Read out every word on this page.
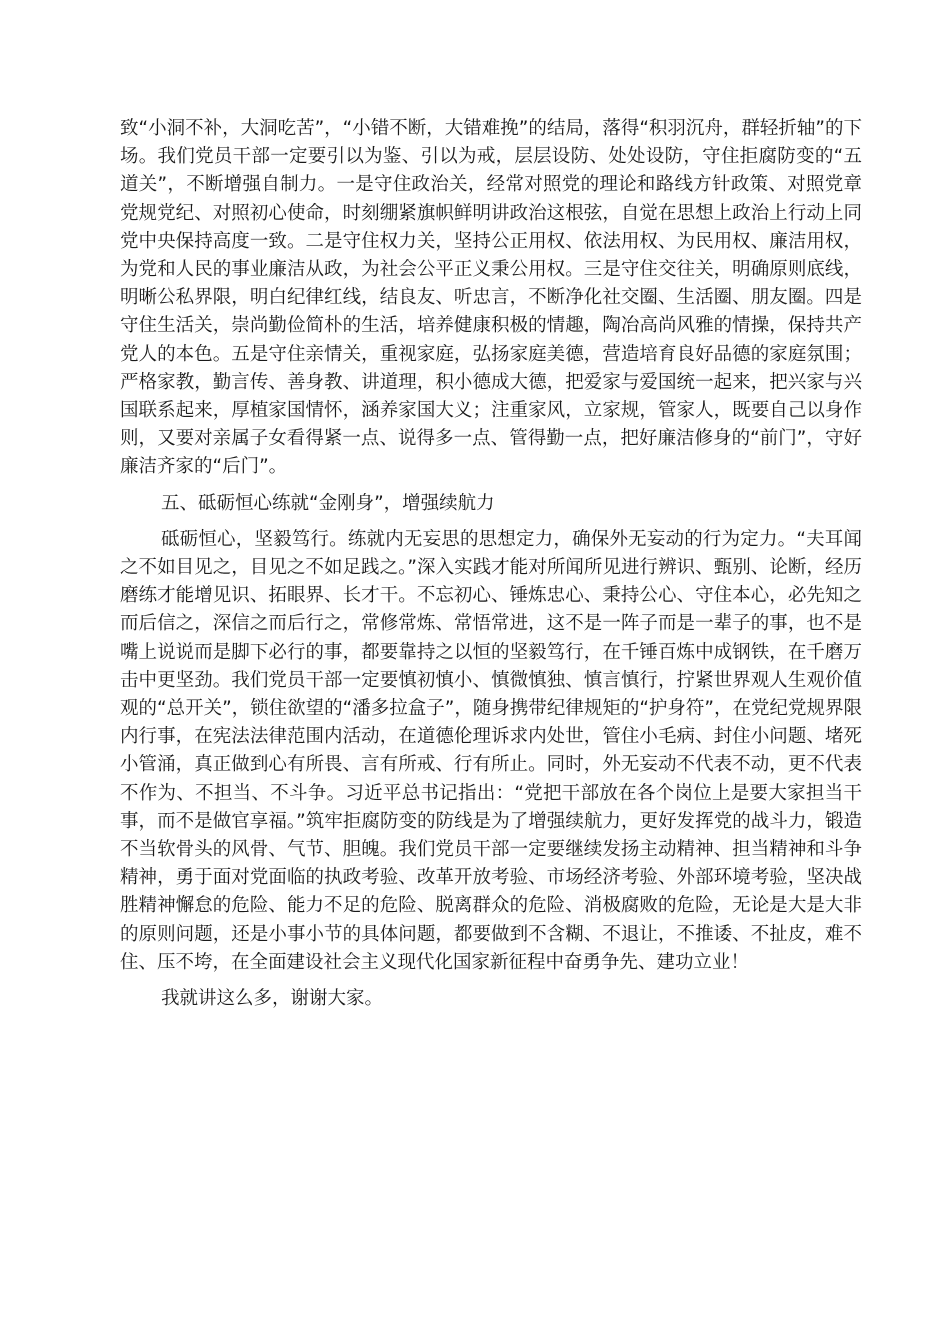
致“小洞不补，大洞吃苦”，“小错不断，大错难挽”的结局，落得“积羽沉舟，群轻折轴”的下场。我们党员干部一定要引以为鉴、引以为戒，层层设防、处处设防，守住拒腐防变的“五道关”，不断增强自制力。一是守住政治关，经常对照党的理论和路线方针政策、对照党章党规党纪、对照初心使命，时刻绷紧旗帜鲜明讲政治这根弦，自觉在思想上政治上行动上同党中央保持高度一致。二是守住权力关，坚持公正用权、依法用权、为民用权、廉洁用权，为党和人民的事业廉洁从政，为社会公平正义秉公用权。三是守住交往关，明确原则底线，明晰公私界限，明白纪律红线，结良友、听忠言，不断净化社交圈、生活圈、朋友圈。四是守住生活关，崇尚勤俭简朴的生活，培养健康积极的情趣，陶冶高尚风雅的情操，保持共产党人的本色。五是守住亲情关，重视家庭，弘扬家庭美德，营造培育良好品德的家庭氛围；严格家教，勤言传、善身教、讲道理，积小德成大德，把爱家与爱国统一起来，把兴家与兴国联系起来，厚植家国情怀，涵养家国大义；注重家风，立家规，管家人，既要自己以身作则，又要对亲属子女看得紧一点、说得多一点、管得勤一点，把好廉洁修身的“前门”，守好廉洁齐家的“后门”。

五、砥砺恒心练就“金刚身”，增强续航力

砥砺恒心，坚毅笃行。练就内无妄思的思想定力，确保外无妄动的行为定力。“夫耳闻之不如目见之，目见之不如足践之。”深入实践才能对所闻所见进行辨识、甄别、论断，经历磨练才能增见识、拓眼界、长才干。不忘初心、锤炼忠心、秉持公心、守住本心，必先知之而后信之，深信之而后行之，常修常炼、常悟常进，这不是一阵子而是一辈子的事，也不是嘴上说说而是脚下必行的事，都要靠持之以恒的坚毅笃行，在千锤百炼中成钢铁，在千磨万击中更坚劲。我们党员干部一定要慎初慎小、慎微慎独、慎言慎行，拧紧世界观人生观价值观的“总开关”，锁住欲望的“潘多拉盒子”，随身携带纪律规矩的“护身符”，在党纪党规界限内行事，在宪法法律范围内活动，在道德伦理诉求内处世，管住小毛病、封住小问题、堵死小管涌，真正做到心有所畏、言有所戒、行有所止。同时，外无妄动不代表不动，更不代表不作为、不担当、不斗争。习近平总书记指出：“党把干部放在各个岗位上是要大家担当干事，而不是做官享福。”筑牢拒腐防变的防线是为了增强续航力，更好发挥党的战斗力，锻造不当软骨头的风骨、气节、胆魄。我们党员干部一定要继续发扬主动精神、担当精神和斗争精神，勇于面对党面临的执政考验、改革开放考验、市场经济考验、外部环境考验，坚决战胜精神懈怠的危险、能力不足的危险、脱离群众的危险、消极腐败的危险，无论是大是大非的原则问题，还是小事小节的具体问题，都要做到不含糊、不退让，不推诿、不扯皮，难不住、压不垮，在全面建设社会主义现代化国家新征程中奋勇争先、建功立业！

我就讲这么多，谢谢大家。
